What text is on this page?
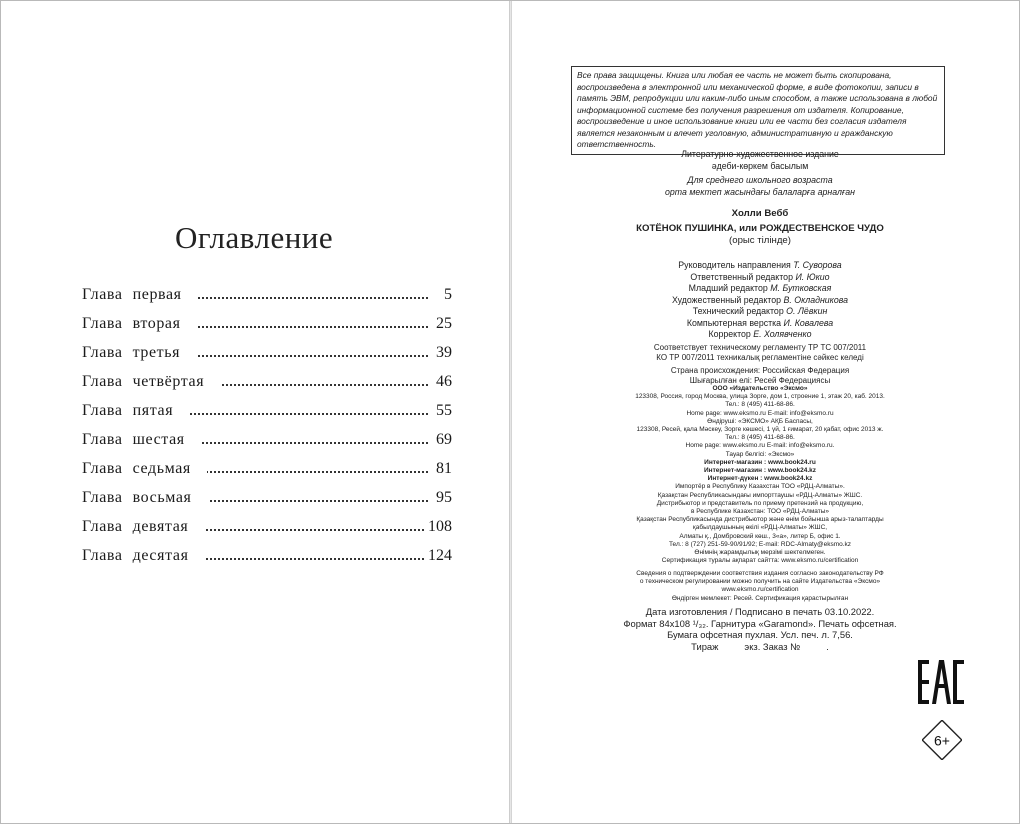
Оглавление
Глава первая	5
Глава вторая	25
Глава третья	39
Глава четвёртая	46
Глава пятая	55
Глава шестая	69
Глава седьмая	81
Глава восьмая	95
Глава девятая	108
Глава десятая	124
Все права защищены. Книга или любая ее часть не может быть скопирована, воспроизведена в электронной или механической форме, в виде фотокопии, записи в память ЭВМ, репродукции или каким-либо иным способом, а также использована в любой информационной системе без получения разрешения от издателя. Копирование, воспроизведение и иное использование книги или ее части без согласия издателя является незаконным и влечет уголовную, административную и гражданскую ответственность.
Литературно-художественное издание
әдеби-көркем басылым
Для среднего школьного возраста
орта мектеп жасындағы балаларға арналған
Холли Вебб
КОТЁНОК ПУШИНКА, или РОЖДЕСТВЕНСКОЕ ЧУДО
(орыс тілінде)
Руководитель направления Т. Суворова
Ответственный редактор И. Юкио
Младший редактор М. Бутковская
Художественный редактор В. Окладникова
Технический редактор О. Лёвкин
Компьютерная верстка И. Ковалева
Корректор Е. Холявченко
Соответствует техническому регламенту ТР ТС 007/2011
КО ТР 007/2011 техникалық регламентіне сәйкес келеді
Страна происхождения: Российская Федерация
Шығарылған елі: Ресей Федерациясы
ООО «Издательство «Эксмо»
123308, Россия, город Москва, улица Зорге, дом 1, строение 1, этаж 20, каб. 2013.
Тел.: 8 (495) 411-68-86.
Home page: www.eksmo.ru E-mail: info@eksmo.ru
Өндіруші: «ЭКСМО» АҚБ Баспасы,
123308, Ресей, қала Мәскеу, Зорге көшесі, 1 үй, 1 ғимарат, 20 қабат, офис 2013 ж.
Тел.: 8 (495) 411-68-86.
Home page: www.eksmo.ru E-mail: info@eksmo.ru.
Тауар белгісі: «Эксмо»
Интернет-магазин : www.book24.ru
Интернет-магазин : www.book24.kz
Интернет-дүкен : www.book24.kz
Импортёр в Республику Казахстан ТОО «РДЦ-Алматы».
Қазақстан Республикасындағы импорттаушы «РДЦ-Алматы» ЖШС.
Дистрибьютор и представитель по приему претензий на продукцию,
в Республике Казахстан: ТОО «РДЦ-Алматы»
Қазақстан Республикасында дистрибьютор және өнім бойынша арыз-талаптарды
қабылдаушының өкілі «РДЦ-Алматы» ЖШС,
Алматы қ., Домбровский көш., 3«а», литер Б, офис 1.
Тел.: 8 (727) 251-59-90/91/92; E-mail: RDC-Almaty@eksmo.kz
Өнімнің жарамдылық мерзімі шектелмеген.
Сертификация туралы ақпарат сайтта: www.eksmo.ru/certification
Сведения о подтверждении соответствия издания согласно законодательству РФ
о техническом регулировании можно получить на сайте Издательства «Эксмо»
www.eksmo.ru/certification
Өндірген мемлекет: Ресей. Сертификация қарастырылған
Дата изготовления / Подписано в печать 03.10.2022.
Формат 84x108 ¹/₃₂. Гарнитура «Garamond». Печать офсетная.
Бумага офсетная пухлая. Усл. печ. л. 7,56.
Тираж          экз. Заказ №          .
6+
